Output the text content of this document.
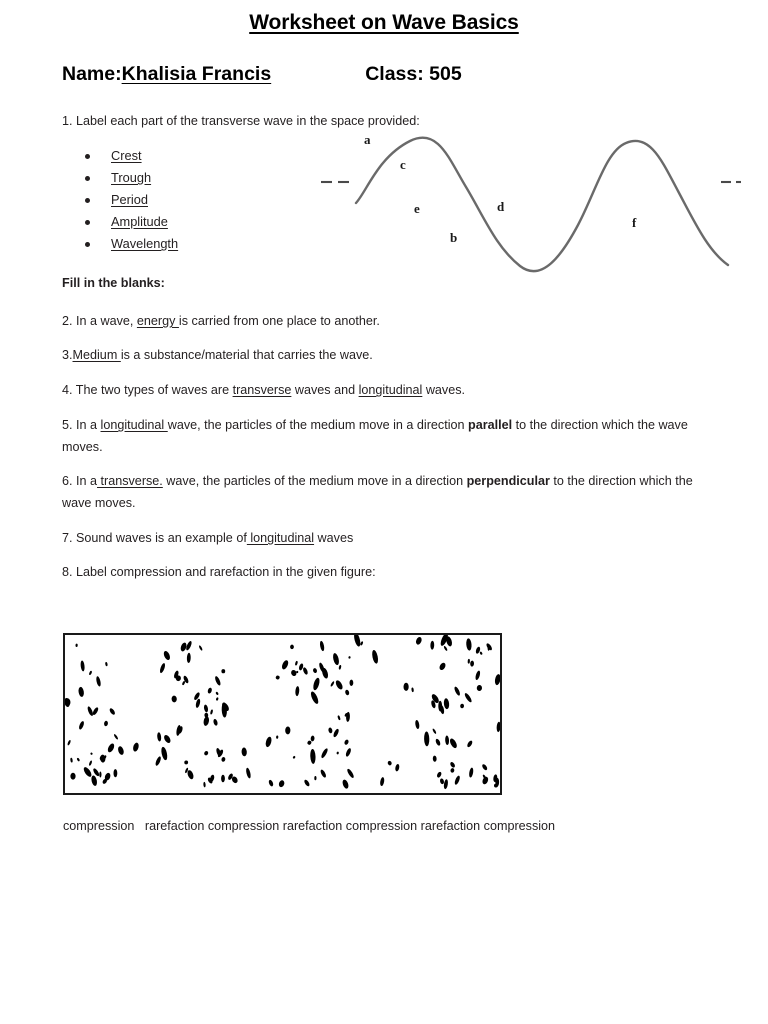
Worksheet on Wave Basics
Name:Khalisia Francis	Class: 505
1. Label each part of the transverse wave in the space provided:
Crest
Trough
Period
Amplitude
Wavelength
a
c
e
b
d
f
Fill in the blanks:
2. In a wave, energy is carried from one place to another.
3.Medium is a substance/material that carries the wave.
4. The two types of waves are transverse waves and longitudinal waves.
5. In a longitudinal wave, the particles of the medium move in a direction parallel to the direction which the wave moves.
6. In a transverse. wave, the particles of the medium move in a direction perpendicular to the direction which the wave moves.
7. Sound waves is an example of longitudinal waves
8. Label compression and rarefaction in the given figure:
compression   rarefaction compression rarefaction compression rarefaction compression
